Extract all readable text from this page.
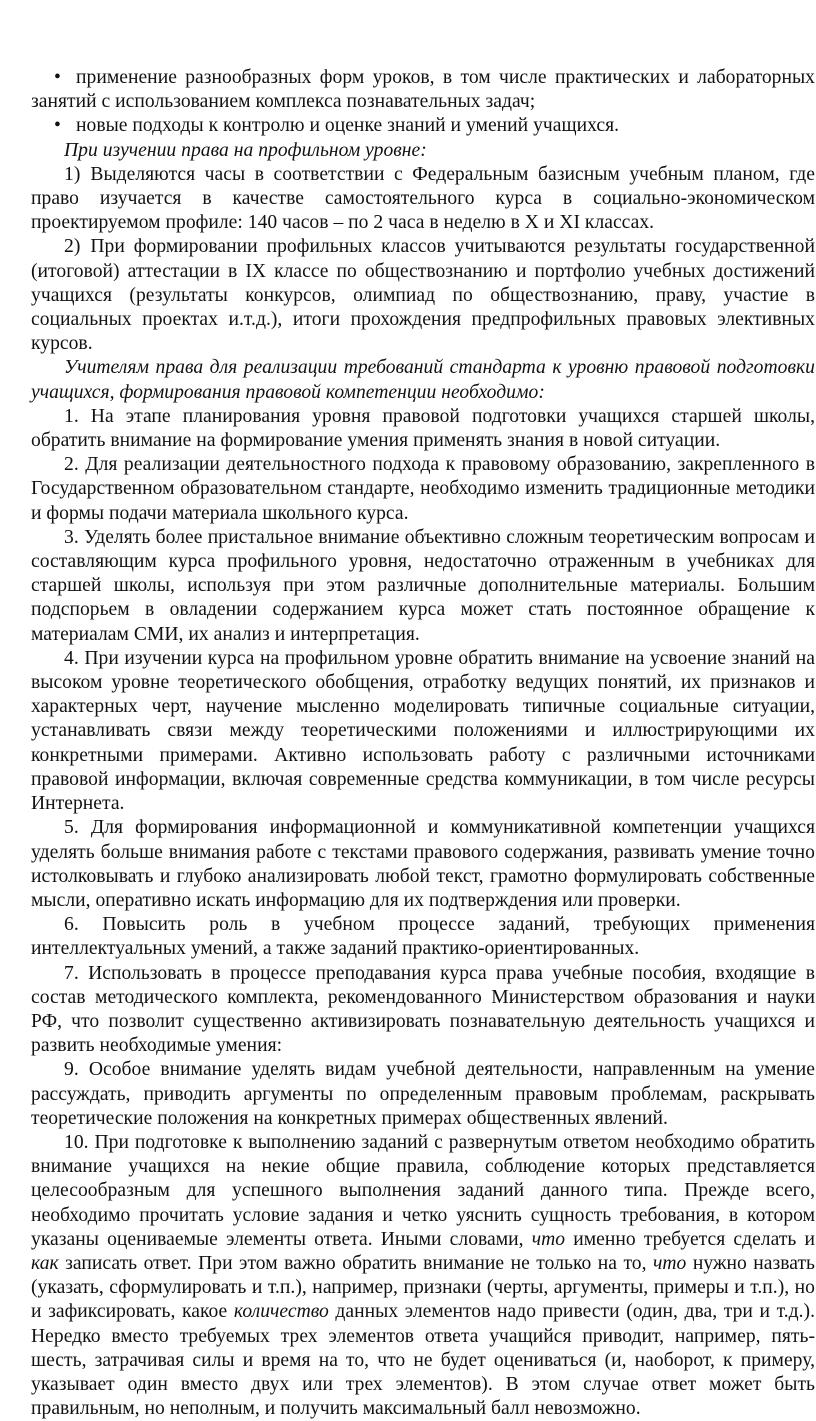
• применение разнообразных форм уроков, в том числе практических и лабораторных занятий с использованием комплекса познавательных задач;

• новые подходы к контролю и оценке знаний и умений учащихся.

При изучении права на профильном уровне:

1) Выделяются часы в соответствии с Федеральным базисным учебным планом, где право изучается в качестве самостоятельного курса в социально-экономическом проектируемом профиле: 140 часов – по 2 часа в неделю в X и XI классах.

2) При формировании профильных классов учитываются результаты государственной (итоговой) аттестации в IX классе по обществознанию и портфолио учебных достижений учащихся (результаты конкурсов, олимпиад по обществознанию, праву, участие в социальных проектах и.т.д.), итоги прохождения предпрофильных правовых элективных курсов.

Учителям права для реализации требований стандарта к уровню правовой подготовки учащихся, формирования правовой компетенции необходимо:

1. На этапе планирования уровня правовой подготовки учащихся старшей школы, обратить внимание на формирование умения применять знания в новой ситуации.

2. Для реализации деятельностного подхода к правовому образованию, закрепленного в Государственном образовательном стандарте, необходимо изменить традиционные методики и формы подачи материала школьного курса.

3. Уделять более пристальное внимание объективно сложным теоретическим вопросам и составляющим курса профильного уровня, недостаточно отраженным в учебниках для старшей школы, используя при этом различные дополнительные материалы. Большим подспорьем в овладении содержанием курса может стать постоянное обращение к материалам СМИ, их анализ и интерпретация.

4. При изучении курса на профильном уровне обратить внимание на усвоение знаний на высоком уровне теоретического обобщения, отработку ведущих понятий, их признаков и характерных черт, научение мысленно моделировать типичные социальные ситуации, устанавливать связи между теоретическими положениями и иллюстрирующими их конкретными примерами. Активно использовать работу с различными источниками правовой информации, включая современные средства коммуникации, в том числе ресурсы Интернета.

5. Для формирования информационной и коммуникативной компетенции учащихся уделять больше внимания работе с текстами правового содержания, развивать умение точно истолковывать и глубоко анализировать любой текст, грамотно формулировать собственные мысли, оперативно искать информацию для их подтверждения или проверки.

6. Повысить роль в учебном процессе заданий, требующих применения интеллектуальных умений, а также заданий практико-ориентированных.

7. Использовать в процессе преподавания курса права учебные пособия, входящие в состав методического комплекта, рекомендованного Министерством образования и науки РФ, что позволит существенно активизировать познавательную деятельность учащихся и развить необходимые умения:

9. Особое внимание уделять видам учебной деятельности, направленным на умение рассуждать, приводить аргументы по определенным правовым проблемам, раскрывать теоретические положения на конкретных примерах общественных явлений.

10. При подготовке к выполнению заданий с развернутым ответом необходимо обратить внимание учащихся на некие общие правила, соблюдение которых представляется целесообразным для успешного выполнения заданий данного типа. Прежде всего, необходимо прочитать условие задания и четко уяснить сущность требования, в котором указаны оцениваемые элементы ответа. Иными словами, что именно требуется сделать и как записать ответ. При этом важно обратить внимание не только на то, что нужно назвать (указать, сформулировать и т.п.), например, признаки (черты, аргументы, примеры и т.п.), но и зафиксировать, какое количество данных элементов надо привести (один, два, три и т.д.). Нередко вместо требуемых трех элементов ответа учащийся приводит, например, пять-шесть, затрачивая силы и время на то, что не будет оцениваться (и, наоборот, к примеру, указывает один вместо двух или трех элементов). В этом случае ответ может быть правильным, но неполным, и получить максимальный балл невозможно.
